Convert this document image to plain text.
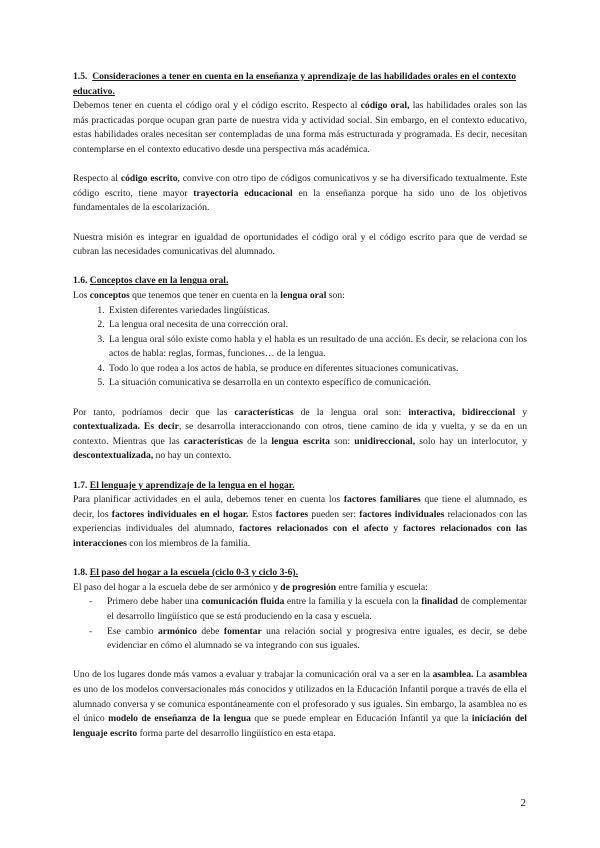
1.5. Consideraciones a tener en cuenta en la enseñanza y aprendizaje de las habilidades orales en el contexto educativo.

Debemos tener en cuenta el código oral y el código escrito. Respecto al código oral, las habilidades orales son las más practicadas porque ocupan gran parte de nuestra vida y actividad social. Sin embargo, en el contexto educativo, estas habilidades orales necesitan ser contempladas de una forma más estructurada y programada. Es decir, necesitan contemplarse en el contexto educativo desde una perspectiva más académica.

Respecto al código escrito, convive con otro tipo de códigos comunicativos y se ha diversificado textualmente. Este código escrito, tiene mayor trayectoria educacional en la enseñanza porque ha sido uno de los objetivos fundamentales de la escolarización.

Nuestra misión es integrar en igualdad de oportunidades el código oral y el código escrito para que de verdad se cubran las necesidades comunicativas del alumnado.

1.6. Conceptos clave en la lengua oral.

Los conceptos que tenemos que tener en cuenta en la lengua oral son:

1. Existen diferentes variedades lingüísticas.
2. La lengua oral necesita de una corrección oral.
3. La lengua oral sólo existe como habla y el habla es un resultado de una acción. Es decir, se relaciona con los actos de habla: reglas, formas, funciones… de la lengua.
4. Todo lo que rodea a los actos de habla, se produce en diferentes situaciones comunicativas.
5. La situación comunicativa se desarrolla en un contexto específico de comunicación.

Por tanto, podríamos decir que las características de la lengua oral son: interactiva, bidireccional y contextualizada. Es decir, se desarrolla interaccionando con otros, tiene camino de ida y vuelta, y se da en un contexto. Mientras que las características de la lengua escrita son: unidireccional, solo hay un interlocutor, y descontextualizada, no hay un contexto.

1.7. El lenguaje y aprendizaje de la lengua en el hogar.

Para planificar actividades en el aula, debemos tener en cuenta los factores familiares que tiene el alumnado, es decir, los factores individuales en el hogar. Estos factores pueden ser: factores individuales relacionados con las experiencias individuales del alumnado, factores relacionados con el afecto y factores relacionados con las interacciones con los miembros de la familia.

1.8. El paso del hogar a la escuela (ciclo 0-3 y ciclo 3-6).

El paso del hogar a la escuela debe de ser armónico y de progresión entre familia y escuela:

- Primero debe haber una comunicación fluida entre la familia y la escuela con la finalidad de complementar el desarrollo lingüístico que se está produciendo en la casa y escuela.
- Ese cambio armónico debe fomentar una relación social y progresiva entre iguales, es decir, se debe evidenciar en cómo el alumnado se va integrando con sus iguales.

Uno de los lugares donde más vamos a evaluar y trabajar la comunicación oral va a ser en la asamblea. La asamblea es uno de los modelos conversacionales más conocidos y utilizados en la Educación Infantil porque a través de ella el alumnado conversa y se comunica espontáneamente con el profesorado y sus iguales. Sin embargo, la asamblea no es el único modelo de enseñanza de la lengua que se puede emplear en Educación Infantil ya que la iniciación del lenguaje escrito forma parte del desarrollo lingüístico en esta etapa.

2
